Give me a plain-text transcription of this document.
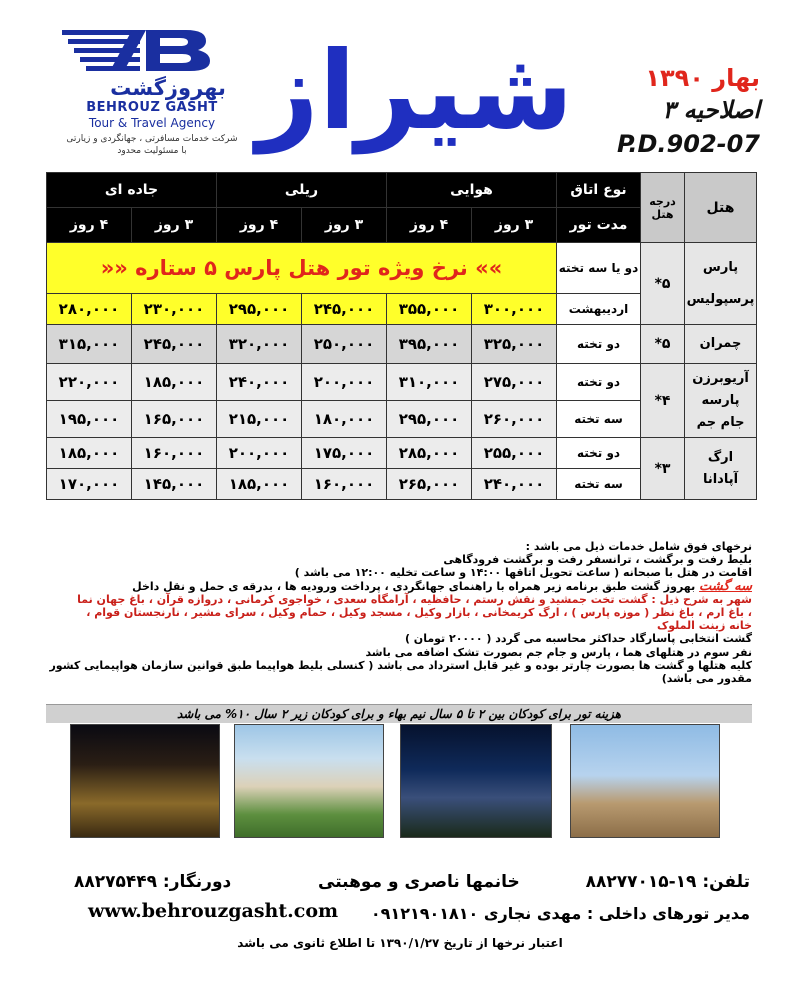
بهروزگشت
BEHROUZ GASHT
Tour & Travel Agency
شرکت خدمات مسافرتی ، جهانگردی و زیارتی
با مسئولیت محدود شیراز	بهار ۱۳۹۰
اصلاحیه ۳
P.D.902-07
هتل	درجه هتل	نوع اتاق	هوایی		ریلی		جاده ای	
		مدت تور	۳ روز	۴ روز	۳ روز	۴ روز	۳ روز	۴ روز

پارس
پرسپولیس	۵*	دو یا سه تخته	»» نرخ ویژه تور هتل پارس ۵ ستاره ««					
		اردیبهشت	۳۰۰,۰۰۰	۳۵۵,۰۰۰	۲۴۵,۰۰۰	۲۹۵,۰۰۰	۲۳۰,۰۰۰	۲۸۰,۰۰۰
چمران	۵*	دو تخته	۳۲۵,۰۰۰	۳۹۵,۰۰۰	۲۵۰,۰۰۰	۳۲۰,۰۰۰	۲۴۵,۰۰۰	۳۱۵,۰۰۰

آریوبرزن
پارسه
جام جم	۴*	دو تخته	۲۷۵,۰۰۰	۳۱۰,۰۰۰	۲۰۰,۰۰۰	۲۴۰,۰۰۰	۱۸۵,۰۰۰	۲۲۰,۰۰۰
		سه تخته	۲۶۰,۰۰۰	۲۹۵,۰۰۰	۱۸۰,۰۰۰	۲۱۵,۰۰۰	۱۶۵,۰۰۰	۱۹۵,۰۰۰

ارگ
آپادانا	۳*	دو تخته	۲۵۵,۰۰۰	۲۸۵,۰۰۰	۱۷۵,۰۰۰	۲۰۰,۰۰۰	۱۶۰,۰۰۰	۱۸۵,۰۰۰
		سه تخته	۲۴۰,۰۰۰	۲۶۵,۰۰۰	۱۶۰,۰۰۰	۱۸۵,۰۰۰	۱۴۵,۰۰۰	۱۷۰,۰۰۰
نرخهای فوق شامل خدمات ذیل می باشد :
بلیط رفت و برگشت ، ترانسفر رفت و برگشت فرودگاهی
اقامت در هتل با صبحانه ( ساعت تحویل اتاقها ۱۴:۰۰ و ساعت تخلیه ۱۲:۰۰ می باشد )
سه گشت بهروز گشت طبق برنامه زیر همراه با راهنمای جهانگردی ، پرداخت ورودیه ها ، بدرقه ی حمل و نقل داخل
شهر به شرح ذیل : گشت تخت جمشید و نقش رستم ، حافظیه ، آرامگاه سعدی ، خواجوی کرمانی ، دروازه قرآن ، باغ جهان نما
، باغ ارم ، باغ نظر ( موزه پارس ) ، ارگ کریمخانی ، بازار وکیل ، مسجد وکیل ، حمام وکیل ، سرای مشیر ، نارنجستان قوام ،
خانه زینت الملوک
گشت انتخابی پاسارگاد حداکثر محاسبه می گردد ( ۲۰۰۰۰ تومان )
نفر سوم در هتلهای هما ، پارس و جام جم بصورت تشک اضافه می باشد
کلیه هتلها و گشت ها بصورت چارتر بوده و غیر قابل استرداد می باشد ( کنسلی بلیط هواپیما طبق قوانین سازمان هواپیمایی کشور
مقدور می باشد)
هزینه تور برای کودکان بین ۲ تا ۵ سال نیم بهاء و برای کودکان زیر ۲ سال ۱۰% می باشد
تلفن: ۱۹-۸۸۲۷۷۰۱۵
خانمها ناصری و موهبتی
دورنگار: ۸۸۲۷۵۴۴۹
مدیر تورهای داخلی : مهدی نجاری ۰۹۱۲۱۹۰۱۸۱۰
www.behrouzgasht.com
اعتبار نرخها از تاریخ ۱۳۹۰/۱/۲۷ تا اطلاع ثانوی می باشد
